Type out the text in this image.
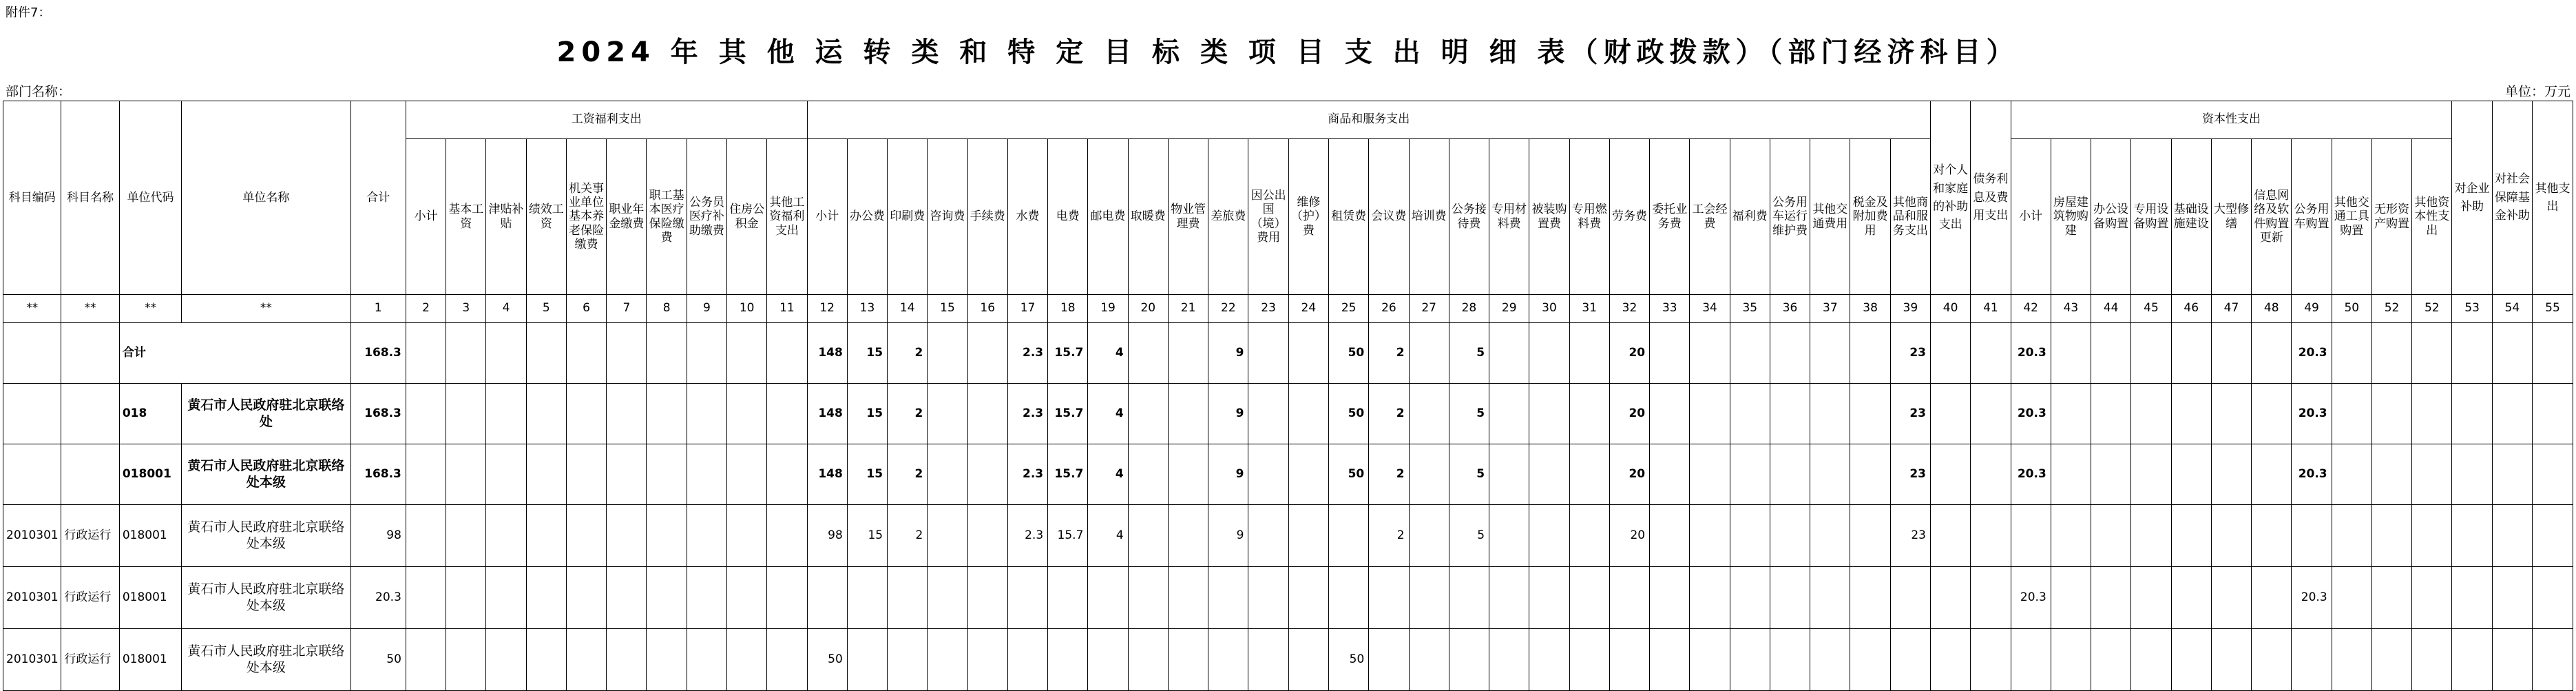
附件7：
2024 年 其 他 运 转 类 和 特 定 目 标 类 项 目 支 出 明 细 表（财政拨款）（部门经济科目）
部门名称：	单位：万元
科目编码	科目名称	单位代码	单位名称	合计	工资福利支出										商品和服务支出																												对个人和家庭的补助支出	债务利息及费用支出	资本性支出											对企业补助	对社会保障基金补助	其他支出
					小计	基本工资	津贴补贴	绩效工资	机关事业单位基本养老保险缴费	职业年金缴费	职工基本医疗保险缴费	公务员医疗补助缴费	住房公积金	其他工资福利支出	小计	办公费	印刷费	咨询费	手续费	水费	电费	邮电费	取暖费	物业管理费	差旅费	因公出国（境）费用	维修（护）费	租赁费	会议费	培训费	公务接待费	专用材料费	被装购置费	专用燃料费	劳务费	委托业务费	工会经费	福利费	公务用车运行维护费	其他交通费用	税金及附加费用	其他商品和服务支出			小计	房屋建筑物购建	办公设备购置	专用设备购置	基础设施建设	大型修缮	信息网络及软件购置更新	公务用车购置	其他交通工具购置	无形资产购置	其他资本性支出			
**	**	**	**	1	2	3	4	5	6	7	8	9	10	11	12	13	14	15	16	17	18	19	20	21	22	23	24	25	26	27	28	29	30	31	32	33	34	35	36	37	38	39	40	41	42	43	44	45	46	47	48	49	50	52	52	53	54	55
		合计		168.3											148	15	2			2.3	15.7	4			9			50	2		5				20							23			20.3							20.3						
		018	黄石市人民政府驻北京联络处	168.3											148	15	2			2.3	15.7	4			9			50	2		5				20							23			20.3							20.3						
		018001	黄石市人民政府驻北京联络处本级	168.3											148	15	2			2.3	15.7	4			9			50	2		5				20							23			20.3							20.3						
2010301	行政运行	018001	黄石市人民政府驻北京联络处本级	98											98	15	2			2.3	15.7	4			9				2		5				20							23																
2010301	行政运行	018001	黄石市人民政府驻北京联络处本级	20.3																																									20.3							20.3						
2010301	行政运行	018001	黄石市人民政府驻北京联络处本级	50											50													50																														
